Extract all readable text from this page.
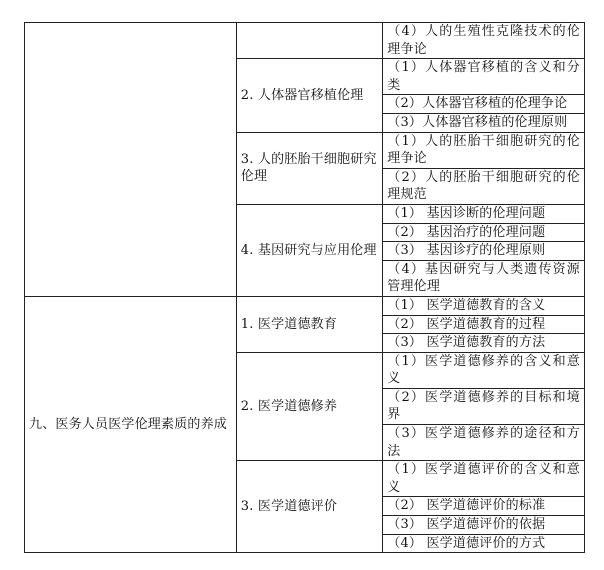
		（4）人的生殖性克隆技术的伦理争论
	2. 人体器官移植伦理	（1）人体器官移植的含义和分类
		（2）人体器官移植的伦理争论
		（3）人体器官移植的伦理原则
	3. 人的胚胎干细胞研究伦理	（1）人的胚胎干细胞研究的伦理争论
		（2）人的胚胎干细胞研究的伦理规范
	4. 基因研究与应用伦理	（1） 基因诊断的伦理问题
		（2） 基因治疗的伦理问题
		（3） 基因诊疗的伦理原则
		（4）基因研究与人类遗传资源管理伦理
九、医务人员医学伦理素质的养成	1. 医学道德教育	（1） 医学道德教育的含义
		（2） 医学道德教育的过程
		（3） 医学道德教育的方法
	2. 医学道德修养	（1）医学道德修养的含义和意义
		（2）医学道德修养的目标和境界
		（3）医学道德修养的途径和方法
	3. 医学道德评价	（1）医学道德评价的含义和意义
		（2） 医学道德评价的标准
		（3） 医学道德评价的依据
		（4） 医学道德评价的方式
